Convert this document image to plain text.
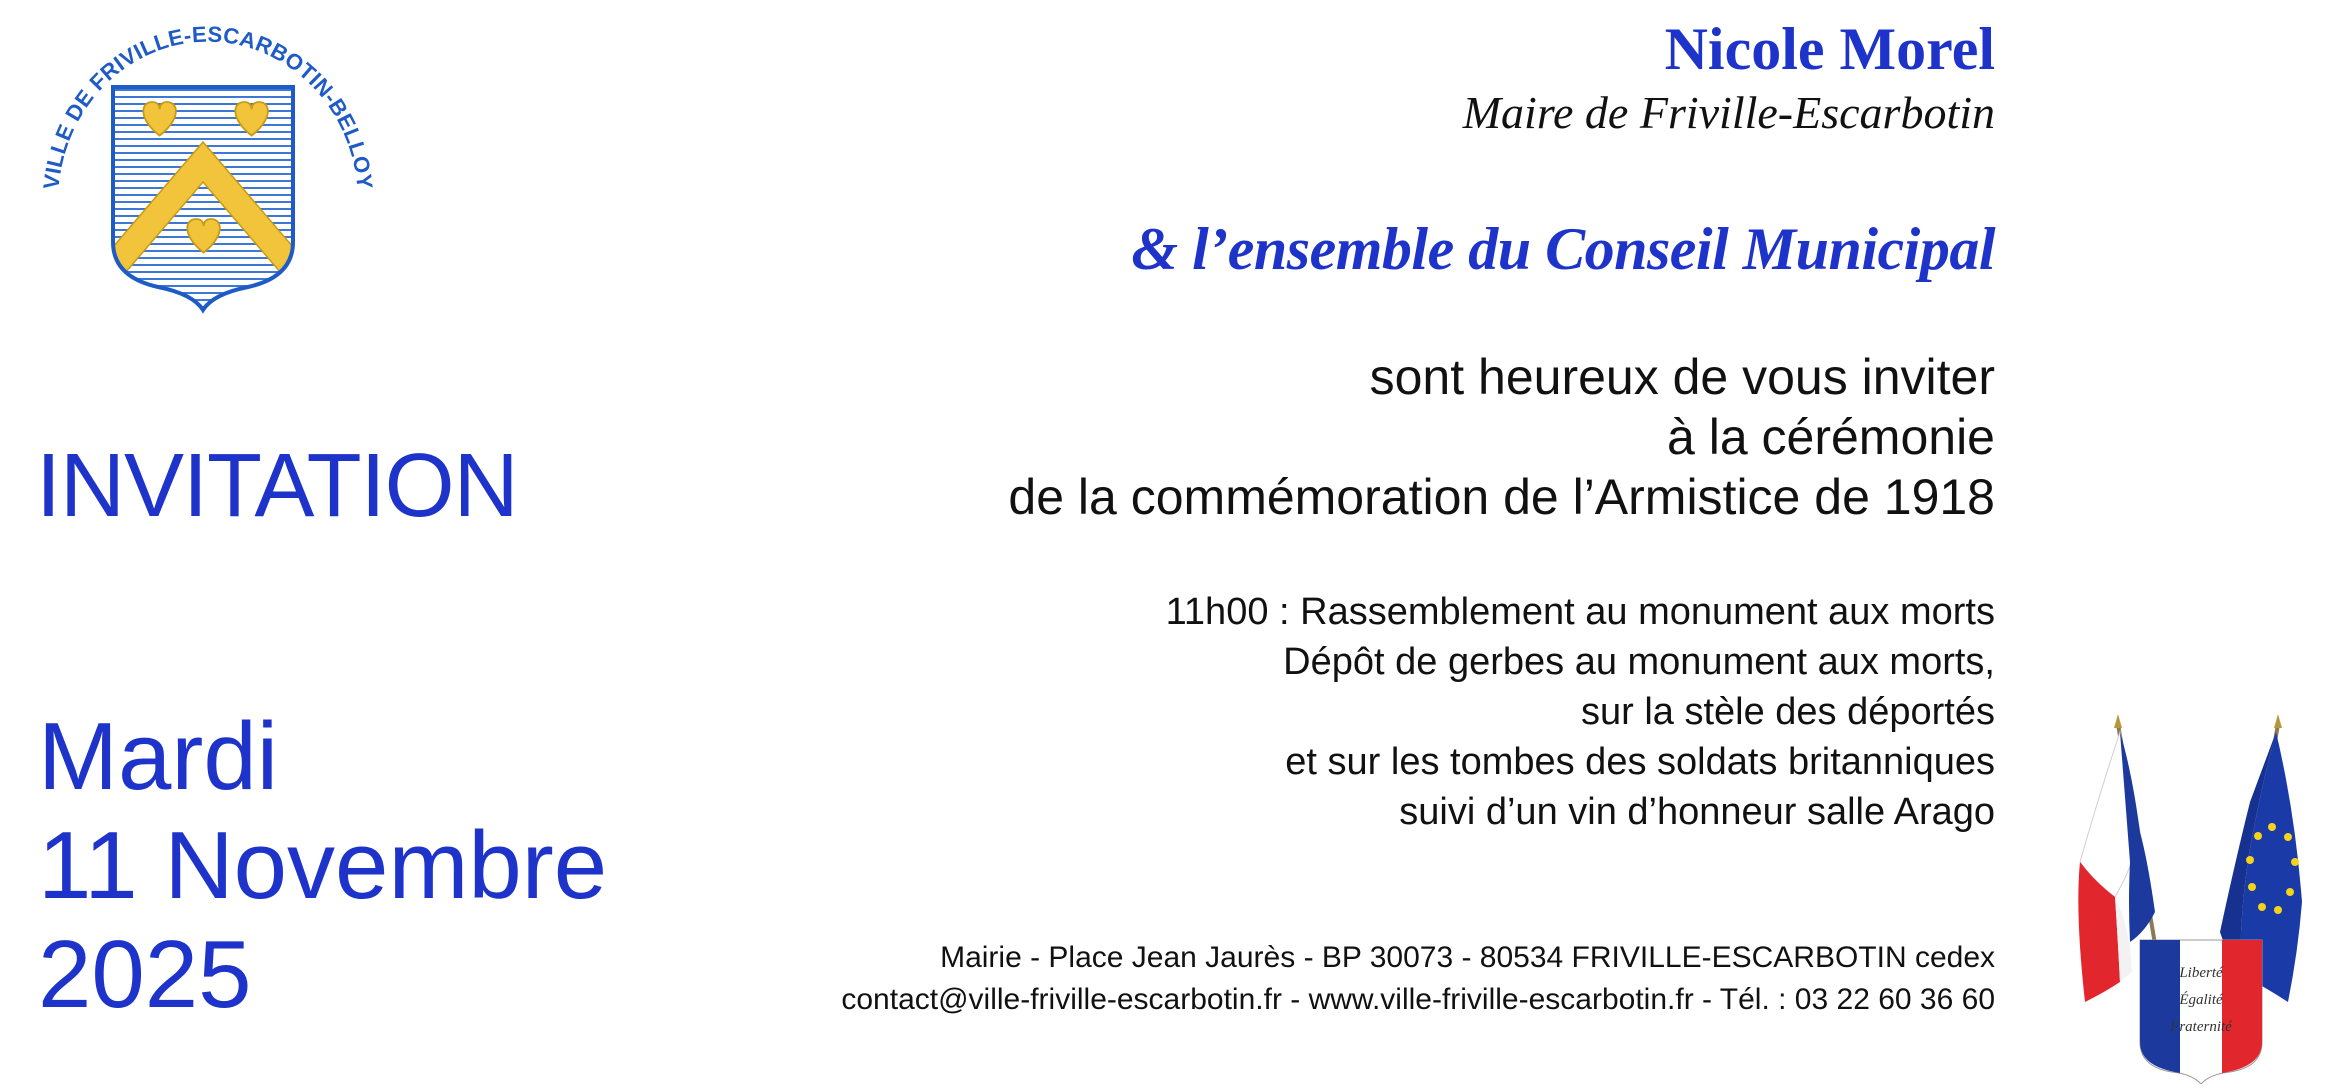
VILLE DE FRIVILLE-ESCARBOTIN-BELLOY
INVITATION
Mardi
11 Novembre
2025
Nicole Morel
Maire de Friville-Escarbotin
& l’ensemble du Conseil Municipal
sont heureux de vous inviter
à la cérémonie
de la commémoration de l’Armistice de 1918
11h00 : Rassemblement au monument aux morts
Dépôt de gerbes au monument aux morts,
sur la stèle des déportés
et sur les tombes des soldats britanniques
suivi d’un vin d’honneur salle Arago
Mairie - Place Jean Jaurès - BP 30073 - 80534 FRIVILLE-ESCARBOTIN cedex
contact@ville-friville-escarbotin.fr - www.ville-friville-escarbotin.fr - Tél. : 03 22 60 36 60
Liberté
Égalité
Fraternité
